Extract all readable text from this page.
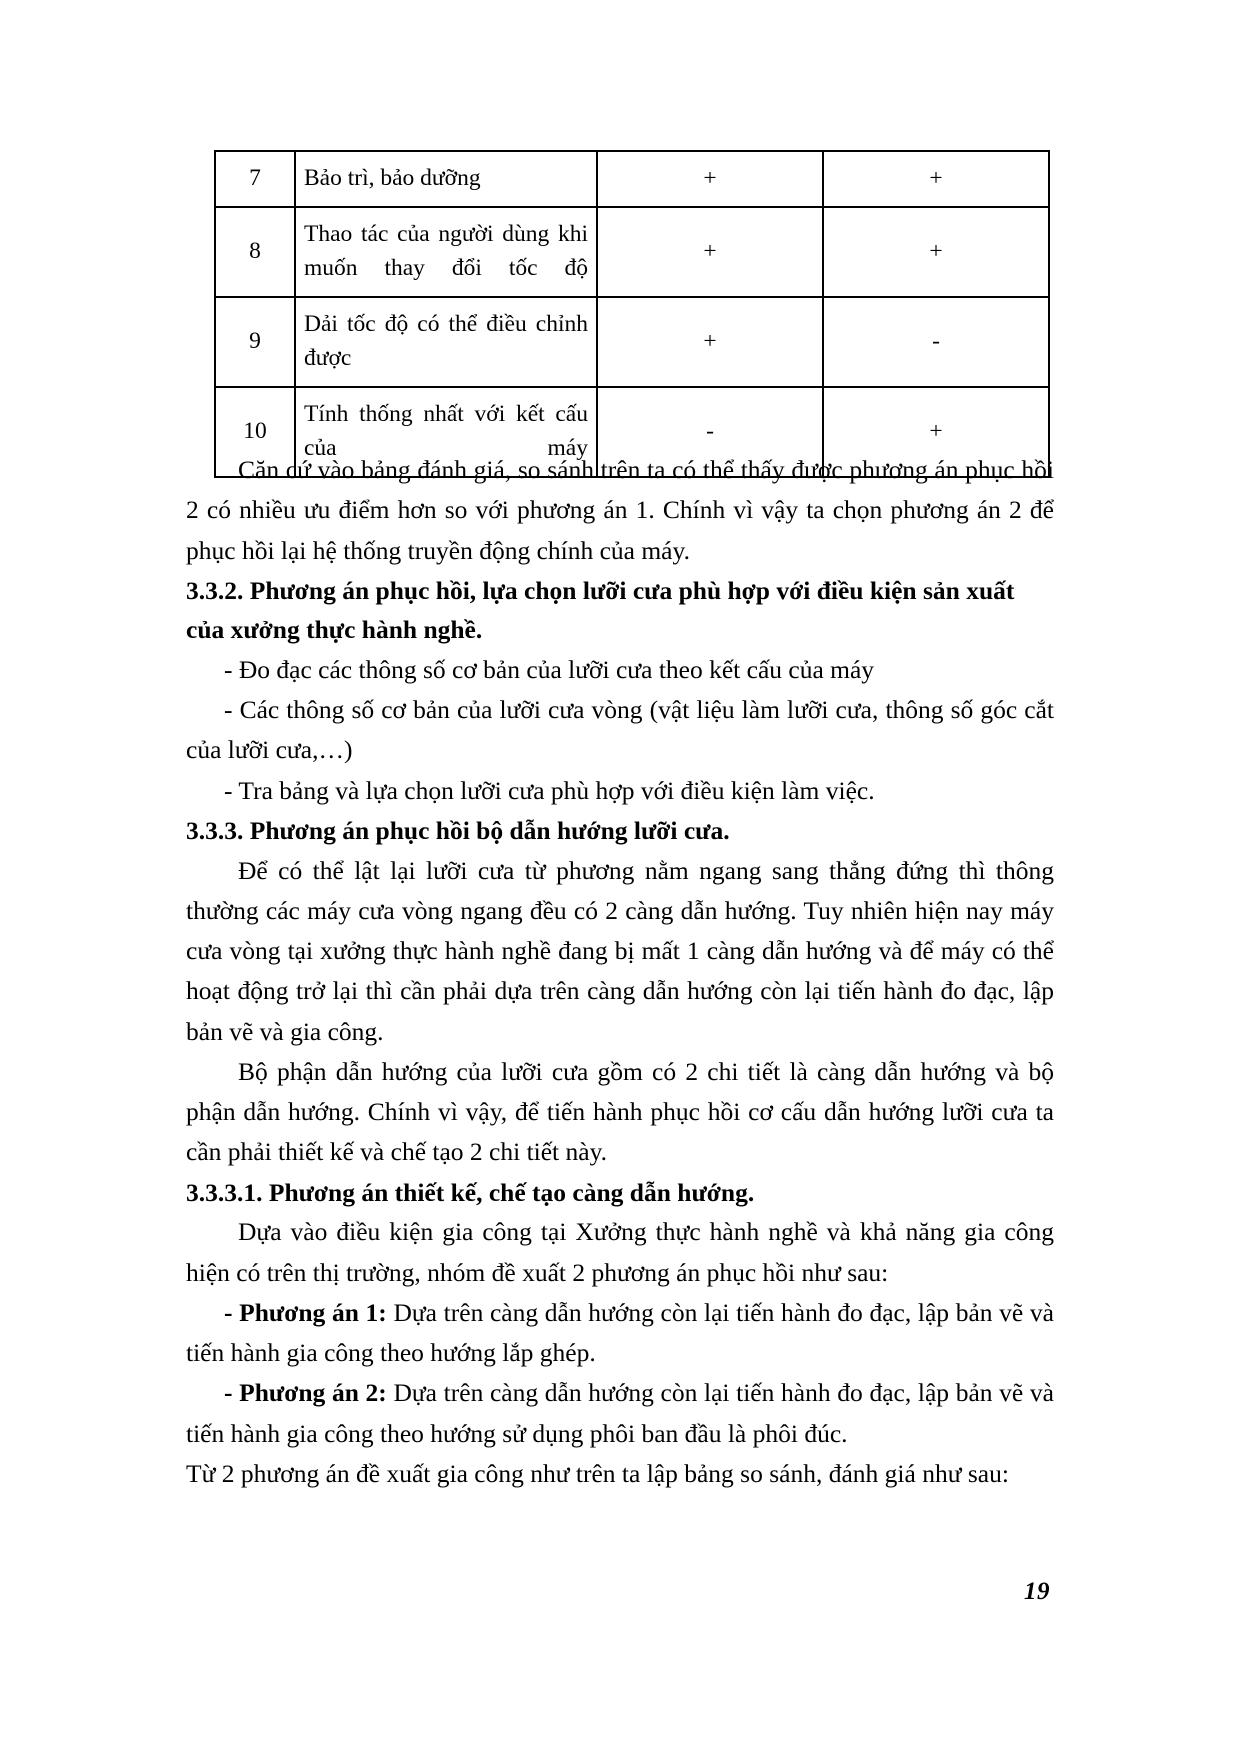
7	Bảo trì, bảo dưỡng	+	+
8	Thao tác của người dùng khi muốn thay đổi tốc độ	+	+
9	Dải tốc độ có thể điều chỉnh được	+	-
10	Tính thống nhất với kết cấu của máy	-	+

Căn cứ vào bảng đánh giá, so sánh trên ta có thể thấy được phương án phục hồi 2 có nhiều ưu điểm hơn so với phương án 1. Chính vì vậy ta chọn phương án 2 để phục hồi lại hệ thống truyền động chính của máy.

3.3.2. Phương án phục hồi, lựa chọn lưỡi cưa phù hợp với điều kiện sản xuất của xưởng thực hành nghề.

- Đo đạc các thông số cơ bản của lưỡi cưa theo kết cấu của máy

- Các thông số cơ bản của lưỡi cưa vòng (vật liệu làm lưỡi cưa, thông số góc cắt của lưỡi cưa,…)

- Tra bảng và lựa chọn lưỡi cưa phù hợp với điều kiện làm việc.

3.3.3. Phương án phục hồi bộ dẫn hướng lưỡi cưa.

Để có thể lật lại lưỡi cưa từ phương nằm ngang sang thẳng đứng thì thông thường các máy cưa vòng ngang đều có 2 càng dẫn hướng. Tuy nhiên hiện nay máy cưa vòng tại xưởng thực hành nghề đang bị mất 1 càng dẫn hướng và để máy có thể hoạt động trở lại thì cần phải dựa trên càng dẫn hướng còn lại tiến hành đo đạc, lập bản vẽ và gia công.

Bộ phận dẫn hướng của lưỡi cưa gồm có 2 chi tiết là càng dẫn hướng và bộ phận dẫn hướng. Chính vì vậy, để tiến hành phục hồi cơ cấu dẫn hướng lưỡi cưa ta cần phải thiết kế và chế tạo 2 chi tiết này.

3.3.3.1. Phương án thiết kế, chế tạo càng dẫn hướng.

Dựa vào điều kiện gia công tại Xưởng thực hành nghề và khả năng gia công hiện có trên thị trường, nhóm đề xuất 2 phương án phục hồi như sau:

- Phương án 1: Dựa trên càng dẫn hướng còn lại tiến hành đo đạc, lập bản vẽ và tiến hành gia công theo hướng lắp ghép.

- Phương án 2: Dựa trên càng dẫn hướng còn lại tiến hành đo đạc, lập bản vẽ và tiến hành gia công theo hướng sử dụng phôi ban đầu là phôi đúc.

Từ 2 phương án đề xuất gia công như trên ta lập bảng so sánh, đánh giá như sau:

19
